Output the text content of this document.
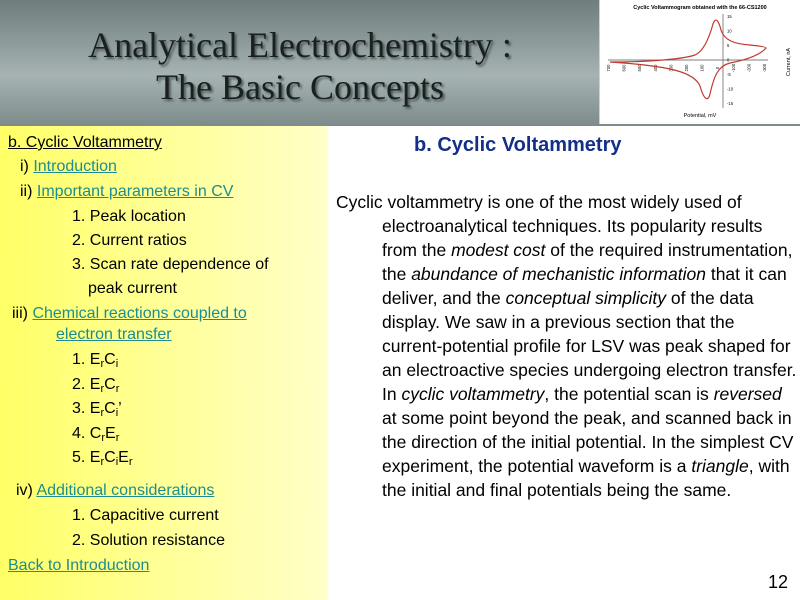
Analytical Electrochemistry :
The Basic Concepts
Cyclic Voltammogram obtained with the 66-CS1200
700	600	500	400	300	200	100	0	-100	-200	-300
15
10
5
0
-5
-10
-15
Potential, mV
Current, nA
b. Cyclic Voltammetry
i) Introduction
ii) Important parameters in CV
1. Peak location
2. Current ratios
3. Scan rate dependence of
peak current
iii) Chemical reactions coupled to
electron transfer
1. $E_rC_i$
2. $E_rC_r$
3. $E_rC_i$’
4. $C_rE_r$
5. $E_rC_iE_r$
iv) Additional considerations
1. Capacitive current
2. Solution resistance
Back to Introduction
b. Cyclic Voltammetry
Cyclic voltammetry is one of the most widely used of electroanalytical techniques. Its popularity results from the modest cost of the required instrumentation, the abundance of mechanistic information that it can deliver, and the conceptual simplicity of the data display. We saw in a previous section that the current-potential profile for LSV was peak shaped for an electroactive species undergoing electron transfer. In cyclic voltammetry, the potential scan is reversed at some point beyond the peak, and scanned back in the direction of the initial potential. In the simplest CV experiment, the potential waveform is a triangle, with the initial and final potentials being the same.
12
